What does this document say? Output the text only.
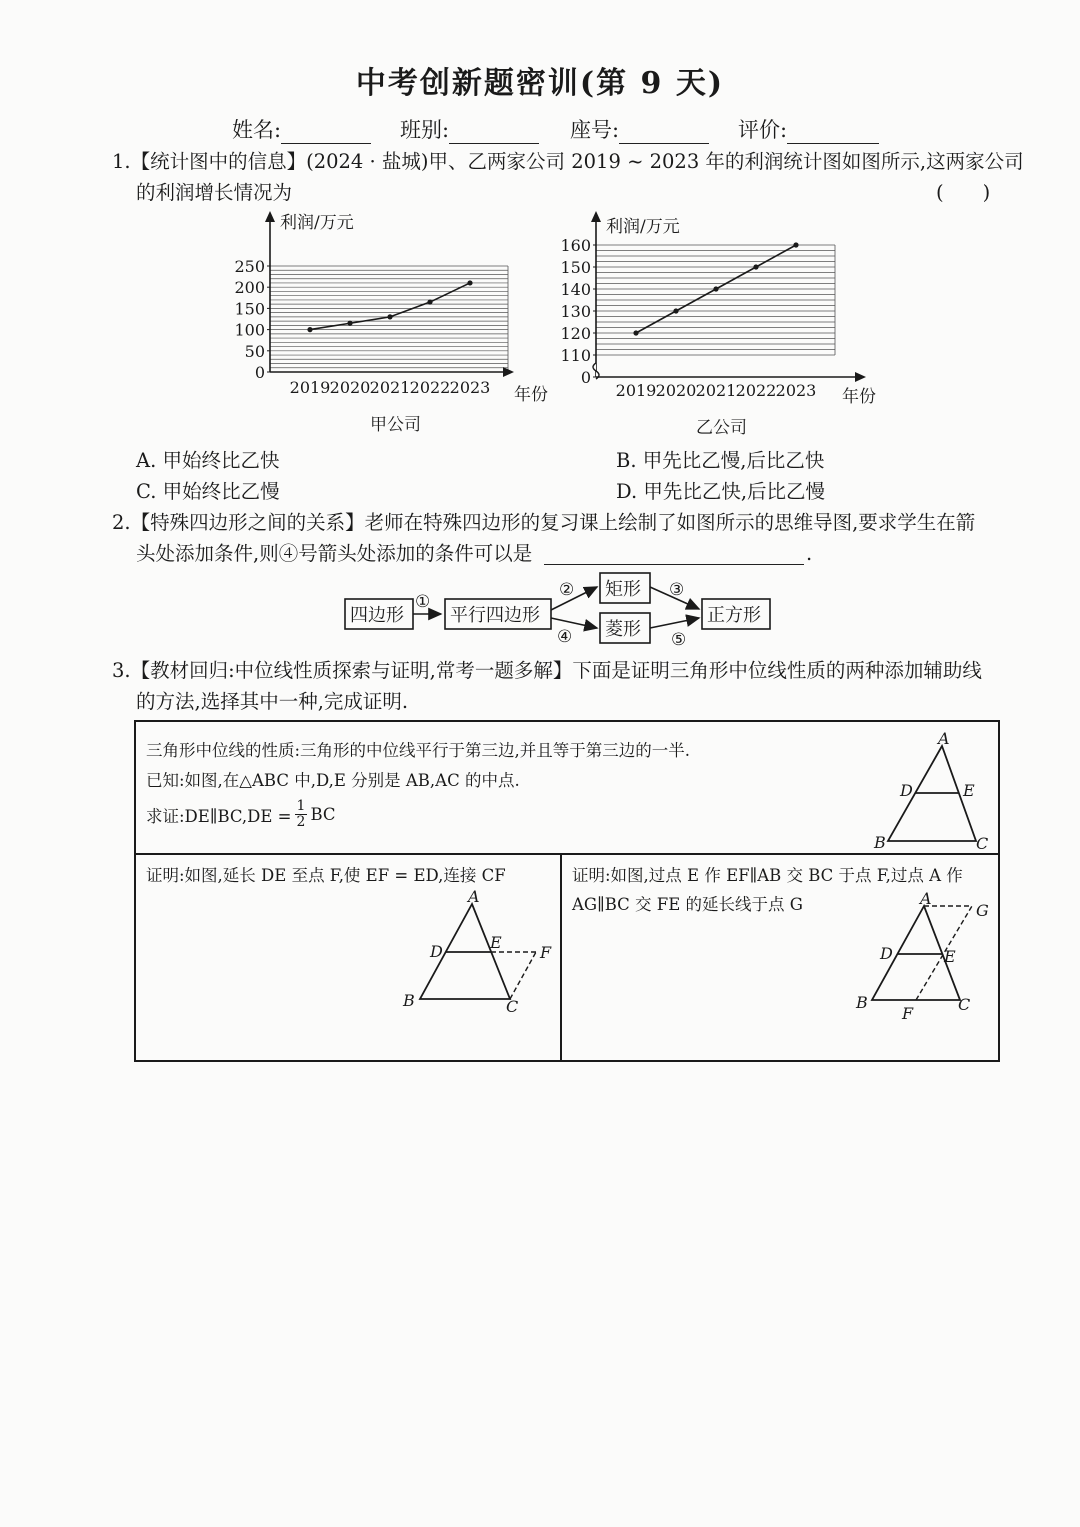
中考创新题密训(第 9 天)
姓名:	班别:	座号:	评价:
1.【统计图中的信息】(2024 · 盐城)甲、乙两家公司 2019 ~ 2023 年的利润统计图如图所示,这两家公司
的利润增长情况为	(　　)
利润/万元
年份
甲公司
0
50
100
150
200
250
2019 2020 2021 2022 2023
利润/万元
年份
乙公司
0
110
120
130
140
150
160
2019 2020 2021 2022 2023
A. 甲始终比乙快	B. 甲先比乙慢,后比乙快
C. 甲始终比乙慢	D. 甲先比乙快,后比乙慢
2.【特殊四边形之间的关系】老师在特殊四边形的复习课上绘制了如图所示的思维导图,要求学生在箭
头处添加条件,则④号箭头处添加的条件可以是	.
四边形
①
平行四边形
②
④
矩形
菱形
③
⑤
正方形
3.【教材回归:中位线性质探索与证明,常考一题多解】下面是证明三角形中位线性质的两种添加辅助线
的方法,选择其中一种,完成证明.
三角形中位线的性质:三角形的中位线平行于第三边,并且等于第三边的一半.
已知:如图,在△ABC 中,D,E 分别是 AB,AC 的中点.
求证:DE∥BC,DE = $\frac{1}{2}$ BC
A
D	E
B	C
证明:如图,延长 DE 至点 F,使 EF = ED,连接 CF
A
D	E
F
B	C
证明:如图,过点 E 作 EF∥AB 交 BC 于点 F,过点 A 作
AG∥BC 交 FE 的延长线于点 G	A
G
D	E
B
F	C
